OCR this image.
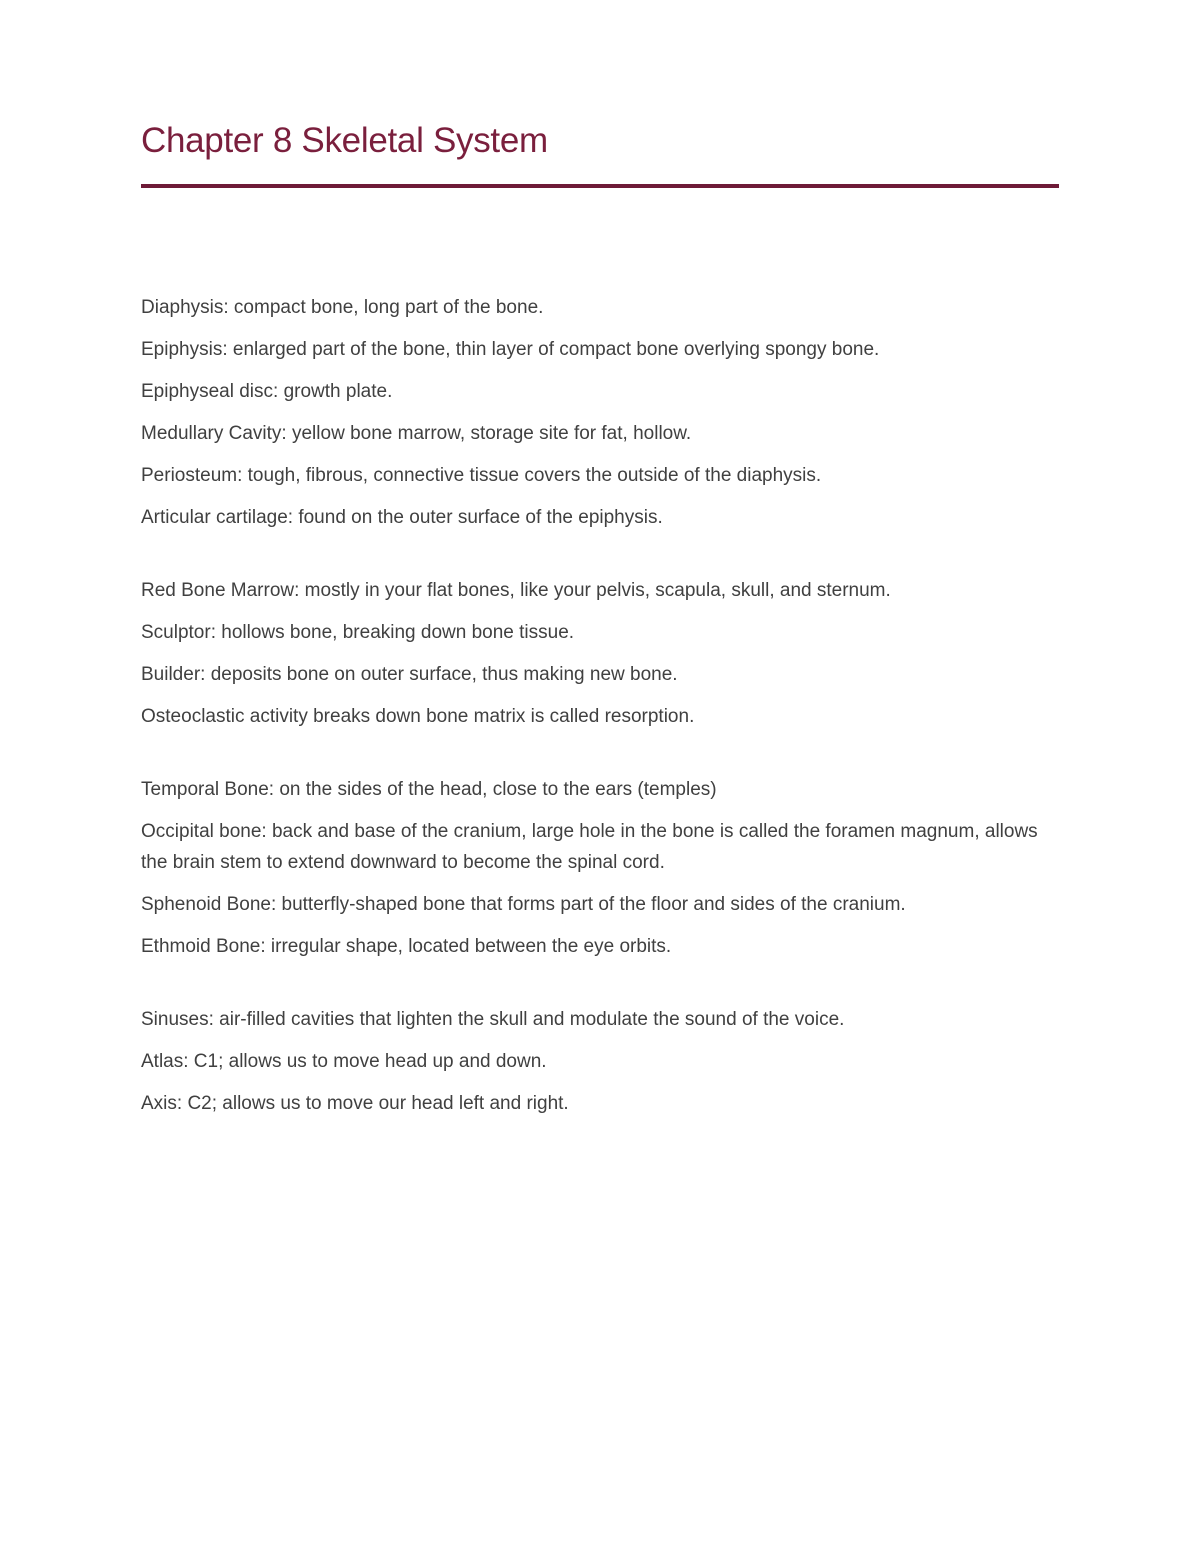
Chapter 8 Skeletal System

Diaphysis: compact bone, long part of the bone.

Epiphysis: enlarged part of the bone, thin layer of compact bone overlying spongy bone.

Epiphyseal disc: growth plate.

Medullary Cavity: yellow bone marrow, storage site for fat, hollow.

Periosteum: tough, fibrous, connective tissue covers the outside of the diaphysis.

Articular cartilage: found on the outer surface of the epiphysis.

Red Bone Marrow: mostly in your flat bones, like your pelvis, scapula, skull, and sternum.

Sculptor: hollows bone, breaking down bone tissue.

Builder: deposits bone on outer surface, thus making new bone.

Osteoclastic activity breaks down bone matrix is called resorption.

Temporal Bone: on the sides of the head, close to the ears (temples)

Occipital bone: back and base of the cranium, large hole in the bone is called the foramen magnum, allows the brain stem to extend downward to become the spinal cord.

Sphenoid Bone: butterfly-shaped bone that forms part of the floor and sides of the cranium.

Ethmoid Bone: irregular shape, located between the eye orbits.

Sinuses: air-filled cavities that lighten the skull and modulate the sound of the voice.

Atlas: C1; allows us to move head up and down.

Axis: C2; allows us to move our head left and right.
